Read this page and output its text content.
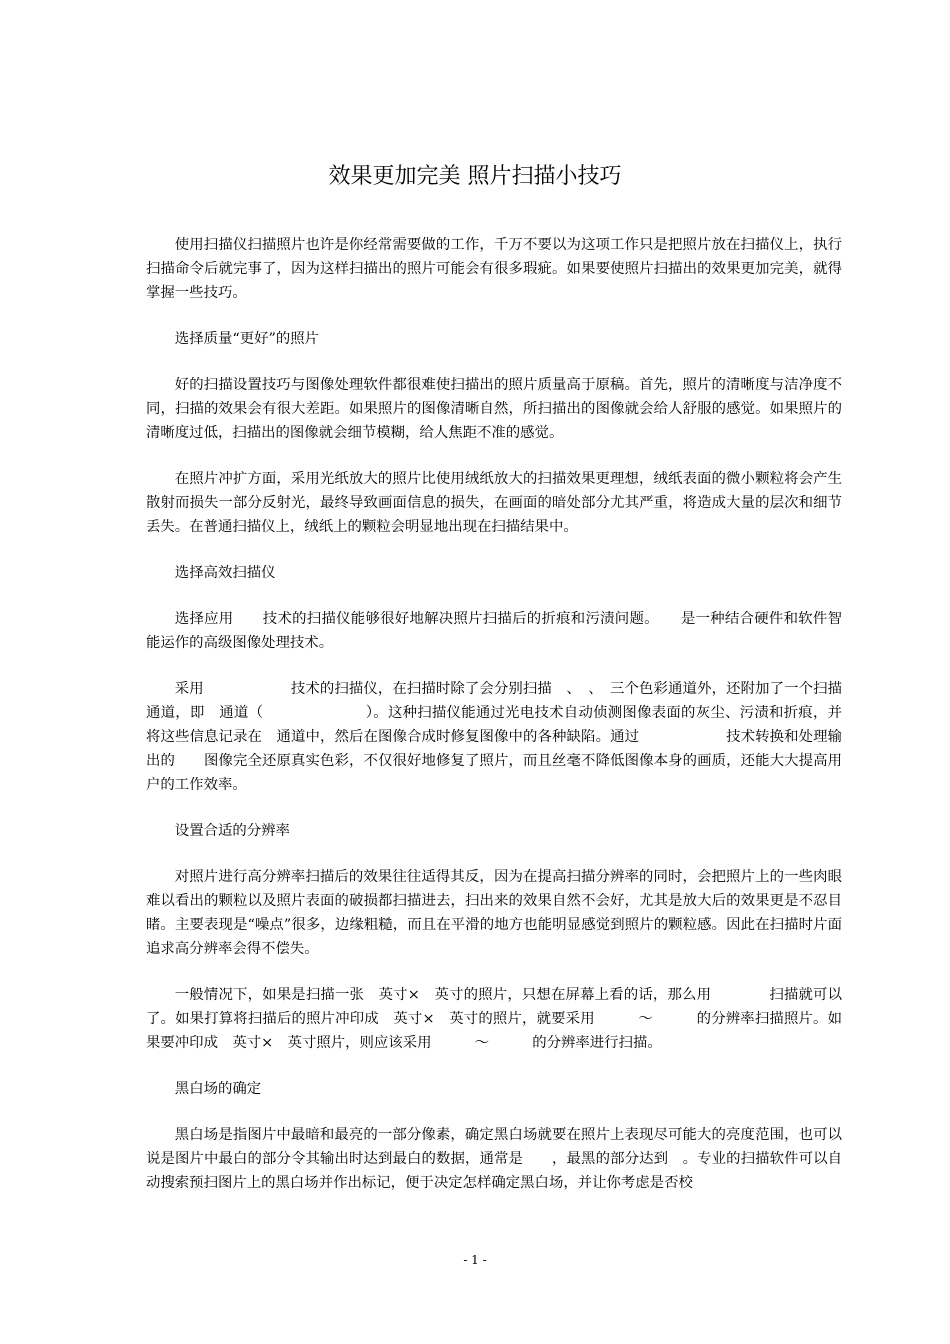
效果更加完美 照片扫描小技巧

使用扫描仪扫描照片也许是你经常需要做的工作，千万不要以为这项工作只是把照片放在扫描仪上，执行扫描命令后就完事了，因为这样扫描出的照片可能会有很多瑕疵。如果要使照片扫描出的效果更加完美，就得掌握一些技巧。

选择质量“更好”的照片

好的扫描设置技巧与图像处理软件都很难使扫描出的照片质量高于原稿。首先，照片的清晰度与洁净度不同，扫描的效果会有很大差距。如果照片的图像清晰自然，所扫描出的图像就会给人舒服的感觉。如果照片的清晰度过低，扫描出的图像就会细节模糊，给人焦距不准的感觉。

在照片冲扩方面，采用光纸放大的照片比使用绒纸放大的扫描效果更理想，绒纸表面的微小颗粒将会产生散射而损失一部分反射光，最终导致画面信息的损失，在画面的暗处部分尤其严重，将造成大量的层次和细节丢失。在普通扫描仪上，绒纸上的颗粒会明显地出现在扫描结果中。

选择高效扫描仪

选择应用　　技术的扫描仪能够很好地解决照片扫描后的折痕和污渍问题。　　是一种结合硬件和软件智能运作的高级图像处理技术。

采用　　　　　　技术的扫描仪，在扫描时除了会分别扫描　、　、　三个色彩通道外，还附加了一个扫描通道，即　通道（　　　　　　　）。这种扫描仪能通过光电技术自动侦测图像表面的灰尘、污渍和折痕，并将这些信息记录在　通道中，然后在图像合成时修复图像中的各种缺陷。通过　　　　　　技术转换和处理输出的　　图像完全还原真实色彩，不仅很好地修复了照片，而且丝毫不降低图像本身的画质，还能大大提高用户的工作效率。

设置合适的分辨率

对照片进行高分辨率扫描后的效果往往适得其反，因为在提高扫描分辨率的同时，会把照片上的一些肉眼难以看出的颗粒以及照片表面的破损都扫描进去，扫出来的效果自然不会好，尤其是放大后的效果更是不忍目睹。主要表现是“噪点”很多，边缘粗糙，而且在平滑的地方也能明显感觉到照片的颗粒感。因此在扫描时片面追求高分辨率会得不偿失。

一般情况下，如果是扫描一张　英寸×　英寸的照片，只想在屏幕上看的话，那么用　　　　扫描就可以了。如果打算将扫描后的照片冲印成　英寸×　英寸的照片，就要采用　　　～　　　的分辨率扫描照片。如果要冲印成　英寸×　英寸照片，则应该采用　　　～　　　的分辨率进行扫描。

黑白场的确定

黑白场是指图片中最暗和最亮的一部分像素，确定黑白场就要在照片上表现尽可能大的亮度范围，也可以说是图片中最白的部分令其输出时达到最白的数据，通常是　　，最黑的部分达到　。专业的扫描软件可以自动搜索预扫图片上的黑白场并作出标记，便于决定怎样确定黑白场，并让你考虑是否校

- 1 -
